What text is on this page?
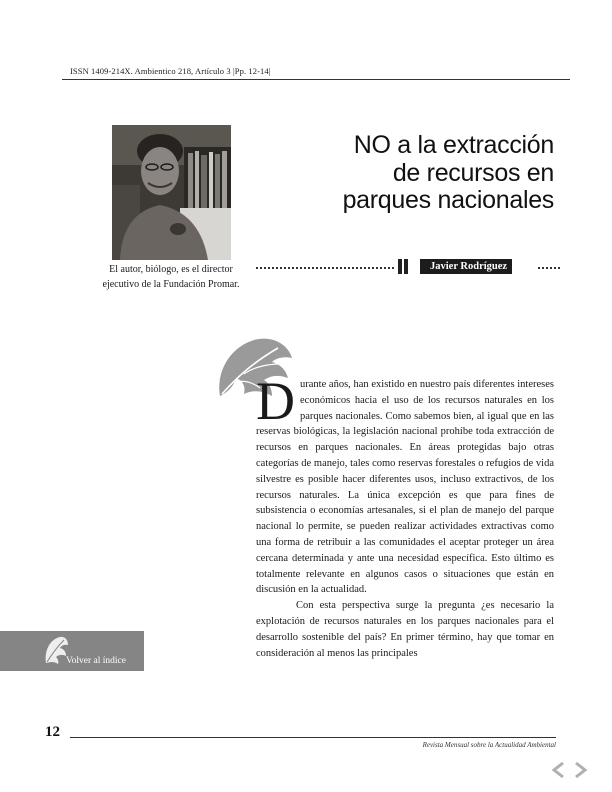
ISSN 1409-214X. Ambientico 218, Artículo 3 |Pp. 12-14|
El autor, biólogo, es el director ejecutivo de la Fundación Promar.
NO a la extracción
de recursos en
parques nacionales
Javier Rodríguez

Durante años, han existido en nuestro país diferentes intereses económicos hacia el uso de los recursos naturales en los parques nacionales. Como sabemos bien, al igual que en las reservas biológicas, la legislación nacional prohíbe toda extracción de recursos en parques nacionales. En áreas protegidas bajo otras categorías de manejo, tales como reservas forestales o refugios de vida silvestre es posible hacer diferentes usos, incluso extractivos, de los recursos naturales. La única excepción es que para fines de subsistencia o economías artesanales, si el plan de manejo del parque nacional lo permite, se pueden realizar actividades extractivas como una forma de retribuir a las comunidades el aceptar proteger un área cercana determinada y ante una necesidad específica. Esto último es totalmente relevante en algunos casos o situaciones que están en discusión en la actualidad.

Con esta perspectiva surge la pregunta ¿es necesario la explotación de recursos naturales en los parques nacionales para el desarrollo sostenible del país? En primer término, hay que tomar en consideración al menos las principales

Volver al índice
12
Revista Mensual sobre la Actualidad Ambiental
